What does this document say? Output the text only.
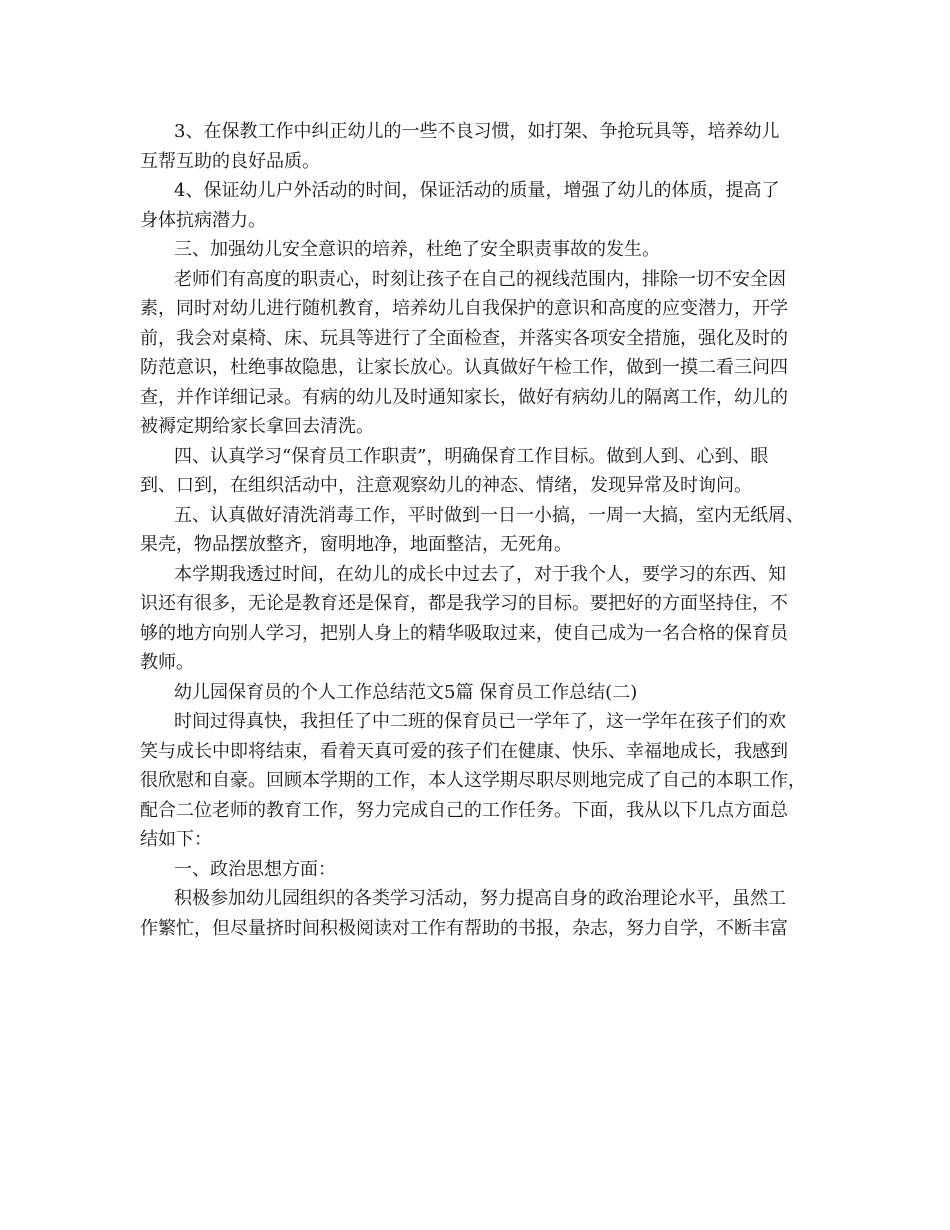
3、在保教工作中纠正幼儿的一些不良习惯，如打架、争抢玩具等，培养幼儿
互帮互助的良好品质。

4、保证幼儿户外活动的时间，保证活动的质量，增强了幼儿的体质，提高了
身体抗病潜力。

三、加强幼儿安全意识的培养，杜绝了安全职责事故的发生。

老师们有高度的职责心，时刻让孩子在自己的视线范围内，排除一切不安全因
素，同时对幼儿进行随机教育，培养幼儿自我保护的意识和高度的应变潜力，开学
前，我会对桌椅、床、玩具等进行了全面检查，并落实各项安全措施，强化及时的
防范意识，杜绝事故隐患，让家长放心。认真做好午检工作，做到一摸二看三问四
查，并作详细记录。有病的幼儿及时通知家长，做好有病幼儿的隔离工作，幼儿的
被褥定期给家长拿回去清洗。

四、认真学习“保育员工作职责”，明确保育工作目标。做到人到、心到、眼
到、口到，在组织活动中，注意观察幼儿的神态、情绪，发现异常及时询问。

五、认真做好清洗消毒工作，平时做到一日一小搞，一周一大搞，室内无纸屑、
果壳，物品摆放整齐，窗明地净，地面整洁，无死角。

本学期我透过时间，在幼儿的成长中过去了，对于我个人，要学习的东西、知
识还有很多，无论是教育还是保育，都是我学习的目标。要把好的方面坚持住，不
够的地方向别人学习，把别人身上的精华吸取过来，使自己成为一名合格的保育员
教师。

幼儿园保育员的个人工作总结范文5篇 保育员工作总结(二)

时间过得真快，我担任了中二班的保育员已一学年了，这一学年在孩子们的欢
笑与成长中即将结束，看着天真可爱的孩子们在健康、快乐、幸福地成长，我感到
很欣慰和自豪。回顾本学期的工作，本人这学期尽职尽则地完成了自己的本职工作，
配合二位老师的教育工作，努力完成自己的工作任务。下面，我从以下几点方面总
结如下：

一、政治思想方面：

积极参加幼儿园组织的各类学习活动，努力提高自身的政治理论水平，虽然工
作繁忙，但尽量挤时间积极阅读对工作有帮助的书报，杂志，努力自学，不断丰富
